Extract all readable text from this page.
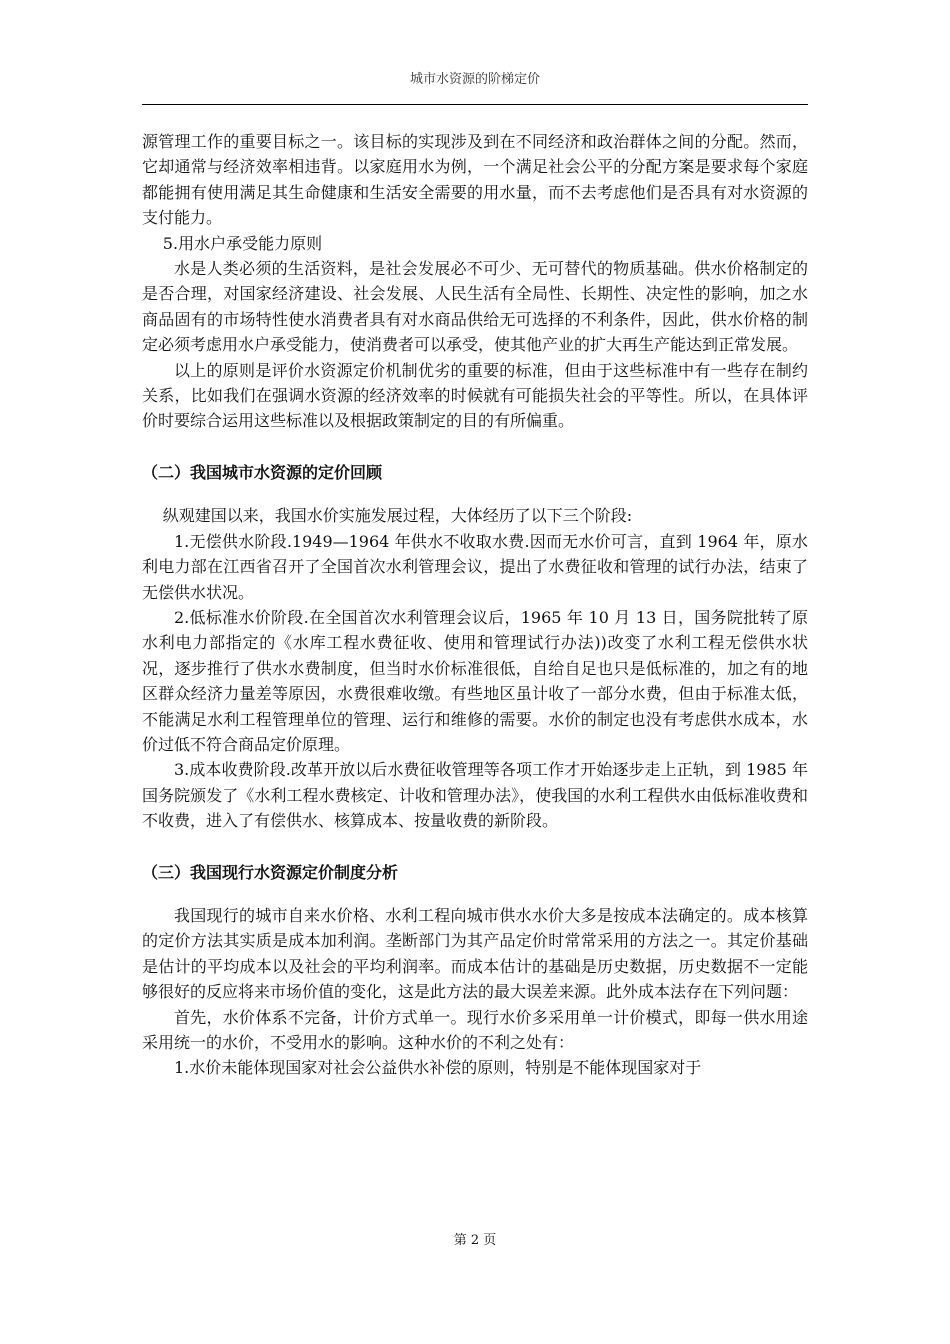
城市水资源的阶梯定价

源管理工作的重要目标之一。该目标的实现涉及到在不同经济和政治群体之间的分配。然而，它却通常与经济效率相违背。以家庭用水为例，一个满足社会公平的分配方案是要求每个家庭都能拥有使用满足其生命健康和生活安全需要的用水量，而不去考虑他们是否具有对水资源的支付能力。

5.用水户承受能力原则

水是人类必须的生活资料，是社会发展必不可少、无可替代的物质基础。供水价格制定的是否合理，对国家经济建设、社会发展、人民生活有全局性、长期性、决定性的影响，加之水商品固有的市场特性使水消费者具有对水商品供给无可选择的不利条件，因此，供水价格的制定必须考虑用水户承受能力，使消费者可以承受，使其他产业的扩大再生产能达到正常发展。

以上的原则是评价水资源定价机制优劣的重要的标准，但由于这些标准中有一些存在制约关系，比如我们在强调水资源的经济效率的时候就有可能损失社会的平等性。所以，在具体评价时要综合运用这些标准以及根据政策制定的目的有所偏重。

（二）我国城市水资源的定价回顾

纵观建国以来，我国水价实施发展过程，大体经历了以下三个阶段:

1.无偿供水阶段.1949—1964 年供水不收取水费.因而无水价可言，直到 1964 年，原水利电力部在江西省召开了全国首次水利管理会议，提出了水费征收和管理的试行办法，结束了无偿供水状况。

2.低标准水价阶段.在全国首次水利管理会议后，1965 年 10 月 13 日，国务院批转了原水利电力部指定的《水库工程水费征收、使用和管理试行办法))改变了水利工程无偿供水状况，逐步推行了供水水费制度，但当时水价标准很低，自给自足也只是低标准的，加之有的地区群众经济力量差等原因，水费很难收缴。有些地区虽计收了一部分水费，但由于标准太低，不能满足水利工程管理单位的管理、运行和维修的需要。水价的制定也没有考虑供水成本，水价过低不符合商品定价原理。

3.成本收费阶段.改革开放以后水费征收管理等各项工作才开始逐步走上正轨，到 1985 年国务院颁发了《水利工程水费核定、计收和管理办法》，使我国的水利工程供水由低标准收费和不收费，进入了有偿供水、核算成本、按量收费的新阶段。

（三）我国现行水资源定价制度分析

我国现行的城市自来水价格、水利工程向城市供水水价大多是按成本法确定的。成本核算的定价方法其实质是成本加利润。垄断部门为其产品定价时常常采用的方法之一。其定价基础是估计的平均成本以及社会的平均利润率。而成本估计的基础是历史数据，历史数据不一定能够很好的反应将来市场价值的变化，这是此方法的最大误差来源。此外成本法存在下列问题：

首先，水价体系不完备，计价方式单一。现行水价多采用单一计价模式，即每一供水用途采用统一的水价，不受用水的影响。这种水价的不利之处有：

1.水价未能体现国家对社会公益供水补偿的原则，特别是不能体现国家对于

第 2 页
